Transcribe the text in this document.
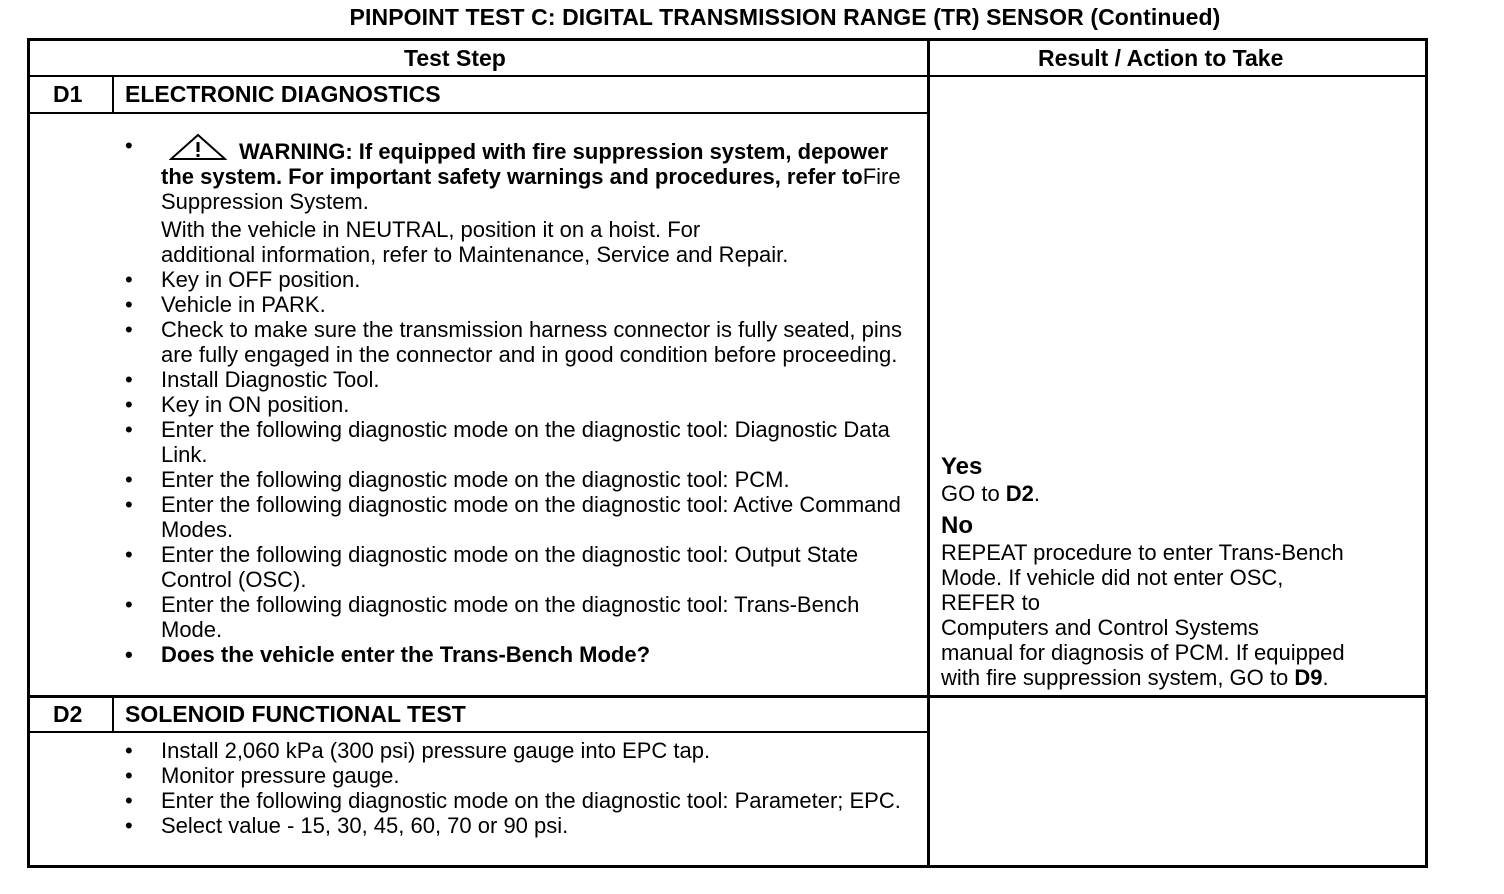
PINPOINT TEST C: DIGITAL TRANSMISSION RANGE (TR) SENSOR (Continued)
Test Step	Result / Action to Take
D1 ELECTRONIC DIAGNOSTICS
•	WARNING: If equipped with fire suppression system, depower the system. For important safety warnings and procedures, refer toFire Suppression System.
With the vehicle in NEUTRAL, position it on a hoist. For
additional information, refer to Maintenance, Service and Repair.
• Key in OFF position.
• Vehicle in PARK.
• Check to make sure the transmission harness connector is fully seated, pins are fully engaged in the connector and in good condition before proceeding.
• Install Diagnostic Tool.
• Key in ON position.
• Enter the following diagnostic mode on the diagnostic tool: Diagnostic Data Link.
• Enter the following diagnostic mode on the diagnostic tool: PCM.
• Enter the following diagnostic mode on the diagnostic tool: Active Command Modes.
• Enter the following diagnostic mode on the diagnostic tool: Output State Control (OSC).
• Enter the following diagnostic mode on the diagnostic tool: Trans-Bench Mode.
• Does the vehicle enter the Trans-Bench Mode?
Yes
GO to D2.
No
REPEAT procedure to enter Trans-Bench
Mode. If vehicle did not enter OSC,
REFER to
Computers and Control Systems
manual for diagnosis of PCM. If equipped
with fire suppression system, GO to D9.
D2 SOLENOID FUNCTIONAL TEST
• Install 2,060 kPa (300 psi) pressure gauge into EPC tap.
• Monitor pressure gauge.
• Enter the following diagnostic mode on the diagnostic tool: Parameter; EPC.
• Select value - 15, 30, 45, 60, 70 or 90 psi.
